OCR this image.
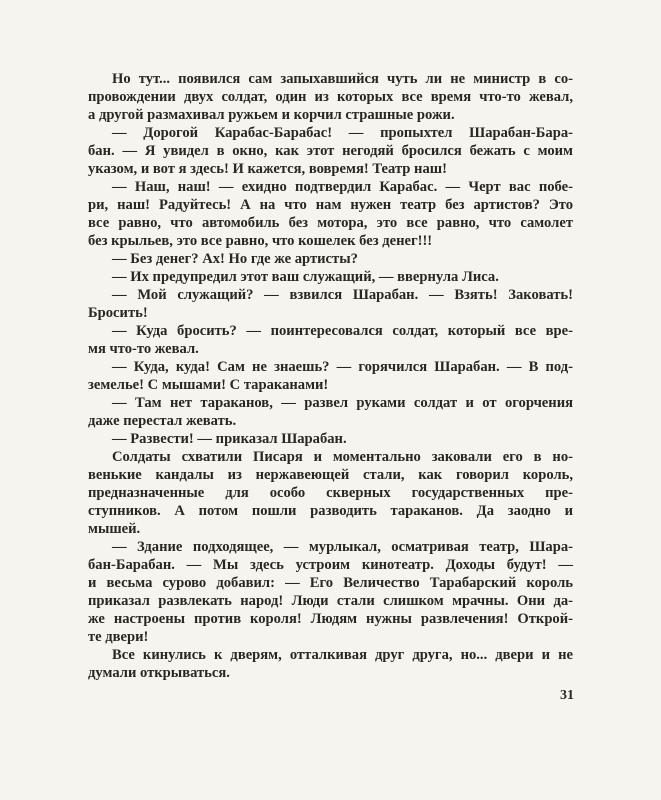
Но тут... появился сам запыхавшийся чуть ли не министр в со-
провождении двух солдат, один из которых все время что-то жевал,
а другой размахивал ружьем и корчил страшные рожи.
— Дорогой Карабас-Барабас! — пропыхтел Шарабан-Бара-
бан. — Я увидел в окно, как этот негодяй бросился бежать с моим
указом, и вот я здесь! И кажется, вовремя! Театр наш!
— Наш, наш! — ехидно подтвердил Карабас. — Черт вас побе-
ри, наш! Радуйтесь! А на что нам нужен театр без артистов? Это
все равно, что автомобиль без мотора, это все равно, что самолет
без крыльев, это все равно, что кошелек без денег!!!
— Без денег? Ах! Но где же артисты?
— Их предупредил этот ваш служащий, — ввернула Лиса.
— Мой служащий? — взвился Шарабан. — Взять! Заковать!
Бросить!
— Куда бросить? — поинтересовался солдат, который все вре-
мя что-то жевал.
— Куда, куда! Сам не знаешь? — горячился Шарабан. — В под-
земелье! С мышами! С тараканами!
— Там нет тараканов, — развел руками солдат и от огорчения
даже перестал жевать.
— Развести! — приказал Шарабан.
Солдаты схватили Писаря и моментально заковали его в но-
венькие кандалы из нержавеющей стали, как говорил король,
предназначенные для особо скверных государственных пре-
ступников. А потом пошли разводить тараканов. Да заодно и
мышей.
— Здание подходящее, — мурлыкал, осматривая театр, Шара-
бан-Барабан. — Мы здесь устроим кинотеатр. Доходы будут! —
и весьма сурово добавил: — Его Величество Тарабарский король
приказал развлекать народ! Люди стали слишком мрачны. Они да-
же настроены против короля! Людям нужны развлечения! Открой-
те двери!
Все кинулись к дверям, отталкивая друг друга, но... двери и не
думали открываться.
31
